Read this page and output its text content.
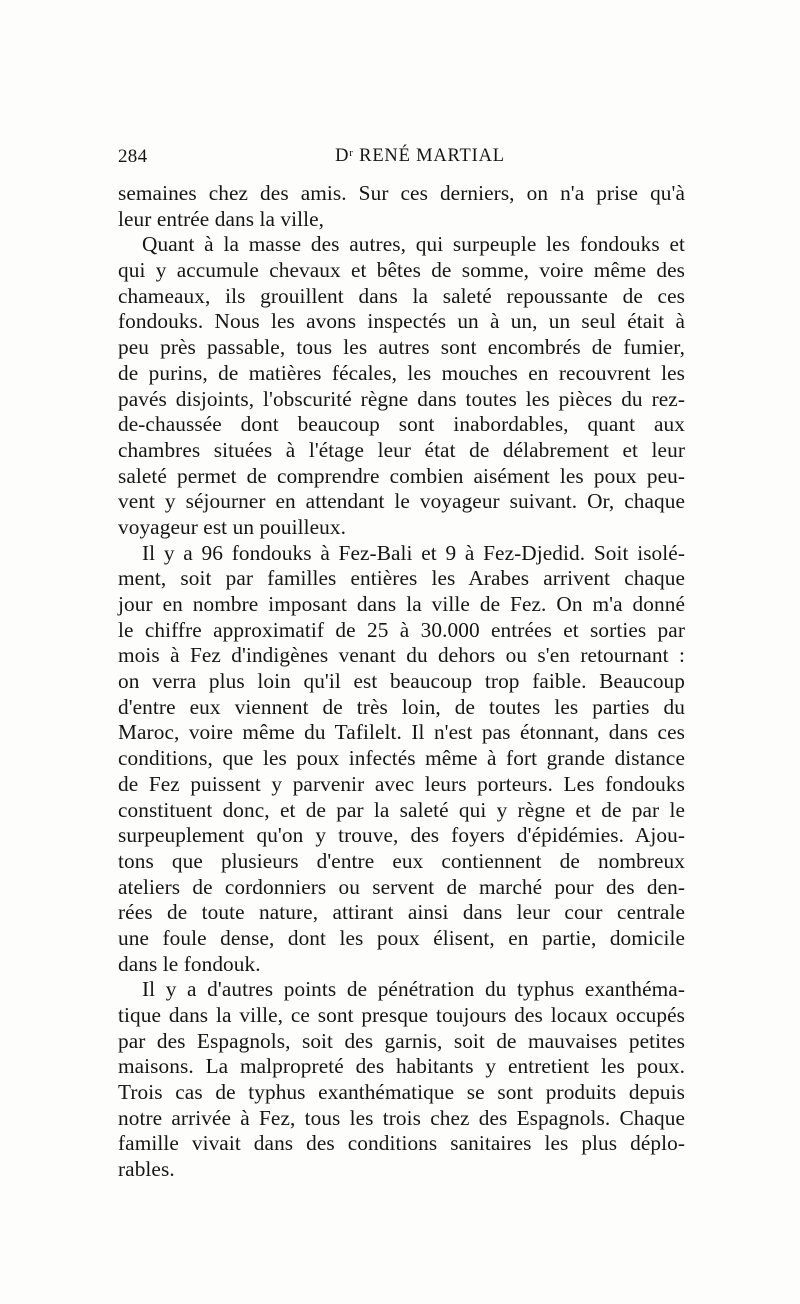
284	$D^r$ RENÉ MARTIAL
semaines chez des amis. Sur ces derniers, on n'a prise qu'à
leur entrée dans la ville,
Quant à la masse des autres, qui surpeuple les fondouks et
qui y accumule chevaux et bêtes de somme, voire même des
chameaux, ils grouillent dans la saleté repoussante de ces
fondouks. Nous les avons inspectés un à un, un seul était à
peu près passable, tous les autres sont encombrés de fumier,
de purins, de matières fécales, les mouches en recouvrent les
pavés disjoints, l'obscurité règne dans toutes les pièces du rez-
de-chaussée dont beaucoup sont inabordables, quant aux
chambres situées à l'étage leur état de délabrement et leur
saleté permet de comprendre combien aisément les poux peu-
vent y séjourner en attendant le voyageur suivant. Or, chaque
voyageur est un pouilleux.
Il y a 96 fondouks à Fez-Bali et 9 à Fez-Djedid. Soit isolé-
ment, soit par familles entières les Arabes arrivent chaque
jour en nombre imposant dans la ville de Fez. On m'a donné
le chiffre approximatif de 25 à 30.000 entrées et sorties par
mois à Fez d'indigènes venant du dehors ou s'en retournant :
on verra plus loin qu'il est beaucoup trop faible. Beaucoup
d'entre eux viennent de très loin, de toutes les parties du
Maroc, voire même du Tafilelt. Il n'est pas étonnant, dans ces
conditions, que les poux infectés même à fort grande distance
de Fez puissent y parvenir avec leurs porteurs. Les fondouks
constituent donc, et de par la saleté qui y règne et de par le
surpeuplement qu'on y trouve, des foyers d'épidémies. Ajou-
tons que plusieurs d'entre eux contiennent de nombreux
ateliers de cordonniers ou servent de marché pour des den-
rées de toute nature, attirant ainsi dans leur cour centrale
une foule dense, dont les poux élisent, en partie, domicile
dans le fondouk.
Il y a d'autres points de pénétration du typhus exanthéma-
tique dans la ville, ce sont presque toujours des locaux occupés
par des Espagnols, soit des garnis, soit de mauvaises petites
maisons. La malpropreté des habitants y entretient les poux.
Trois cas de typhus exanthématique se sont produits depuis
notre arrivée à Fez, tous les trois chez des Espagnols. Chaque
famille vivait dans des conditions sanitaires les plus déplo-
rables.
